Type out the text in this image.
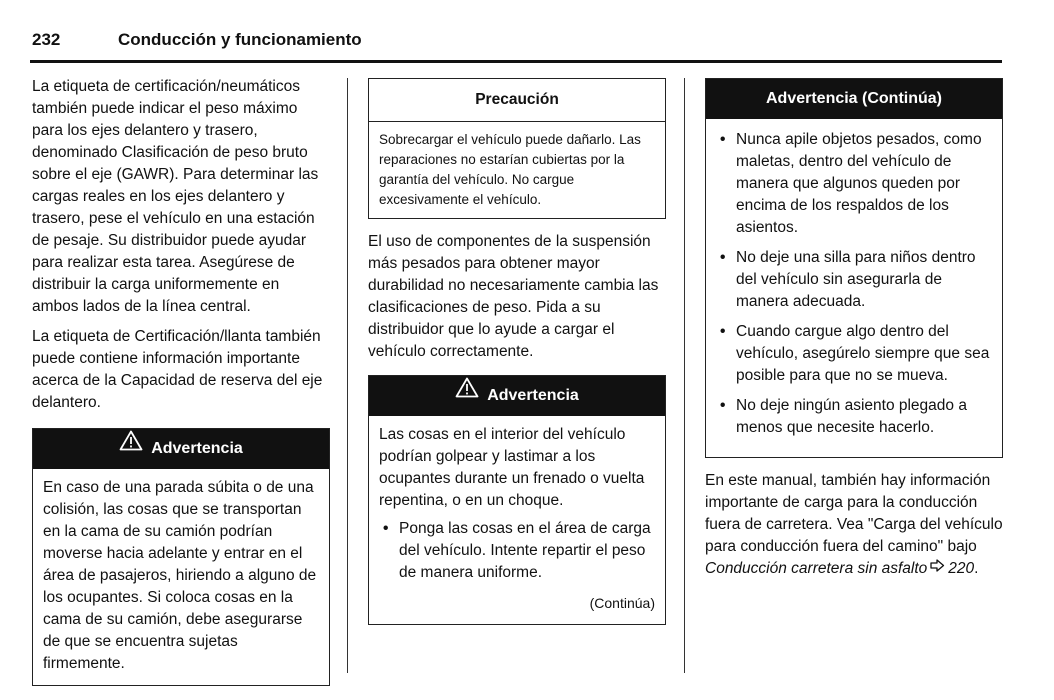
232	Conducción y funcionamiento

La etiqueta de certificación/neumáticos también puede indicar el peso máximo para los ejes delantero y trasero, denominado Clasificación de peso bruto sobre el eje (GAWR). Para determinar las cargas reales en los ejes delantero y trasero, pese el vehículo en una estación de pesaje. Su distribuidor puede ayudar para realizar esta tarea. Asegúrese de distribuir la carga uniformemente en ambos lados de la línea central.

La etiqueta de Certificación/llanta también puede contiene información importante acerca de la Capacidad de reserva del eje delantero.

Advertencia
En caso de una parada súbita o de una colisión, las cosas que se transportan en la cama de su camión podrían moverse hacia adelante y entrar en el área de pasajeros, hiriendo a alguno de los ocupantes. Si coloca cosas en la cama de su camión, debe asegurarse de que se encuentra sujetas firmemente.
Precaución
Sobrecargar el vehículo puede dañarlo. Las reparaciones no estarían cubiertas por la garantía del vehículo. No cargue excesivamente el vehículo.

El uso de componentes de la suspensión más pesados para obtener mayor durabilidad no necesariamente cambia las clasificaciones de peso. Pida a su distribuidor que lo ayude a cargar el vehículo correctamente.

Advertencia
Las cosas en el interior del vehículo podrían golpear y lastimar a los ocupantes durante un frenado o vuelta repentina, o en un choque.
• Ponga las cosas en el área de carga del vehículo. Intente repartir el peso de manera uniforme.
(Continúa)
Advertencia (Continúa)
• Nunca apile objetos pesados, como maletas, dentro del vehículo de manera que algunos queden por encima de los respaldos de los asientos.
• No deje una silla para niños dentro del vehículo sin asegurarla de manera adecuada.
• Cuando cargue algo dentro del vehículo, asegúrelo siempre que sea posible para que no se mueva.
• No deje ningún asiento plegado a menos que necesite hacerlo.

En este manual, también hay información importante de carga para la conducción fuera de carretera. Vea "Carga del vehículo para conducción fuera del camino" bajo Conducción carretera sin asfalto 220.
